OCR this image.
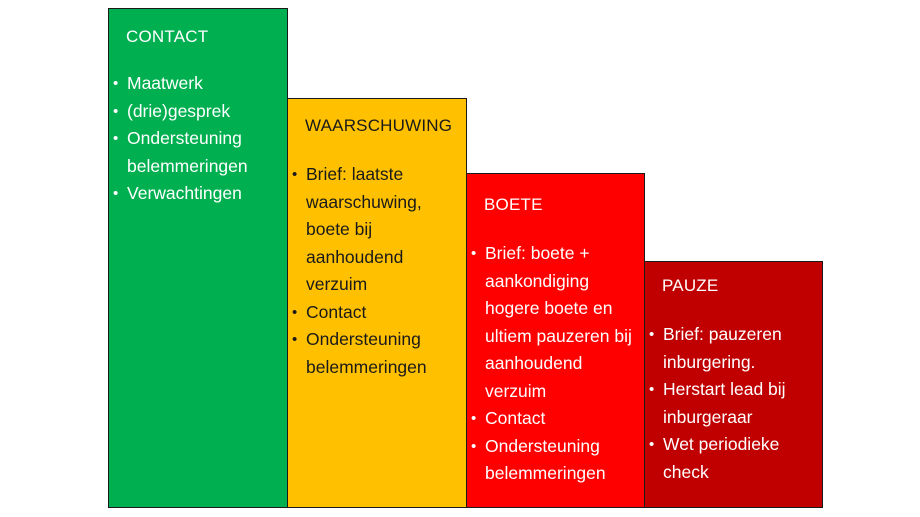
CONTACT

• Maatwerk
• (drie)gesprek
• Ondersteuning belemmeringen
• Verwachtingen

WAARSCHUWING

• Brief: laatste waarschuwing, boete bij aanhoudend verzuim
• Contact
• Ondersteuning belemmeringen

BOETE

• Brief: boete + aankondiging hogere boete en ultiem pauzeren bij aanhoudend verzuim
• Contact
• Ondersteuning belemmeringen

PAUZE

• Brief: pauzeren inburgering.
• Herstart lead bij inburgeraar
• Wet periodieke check
